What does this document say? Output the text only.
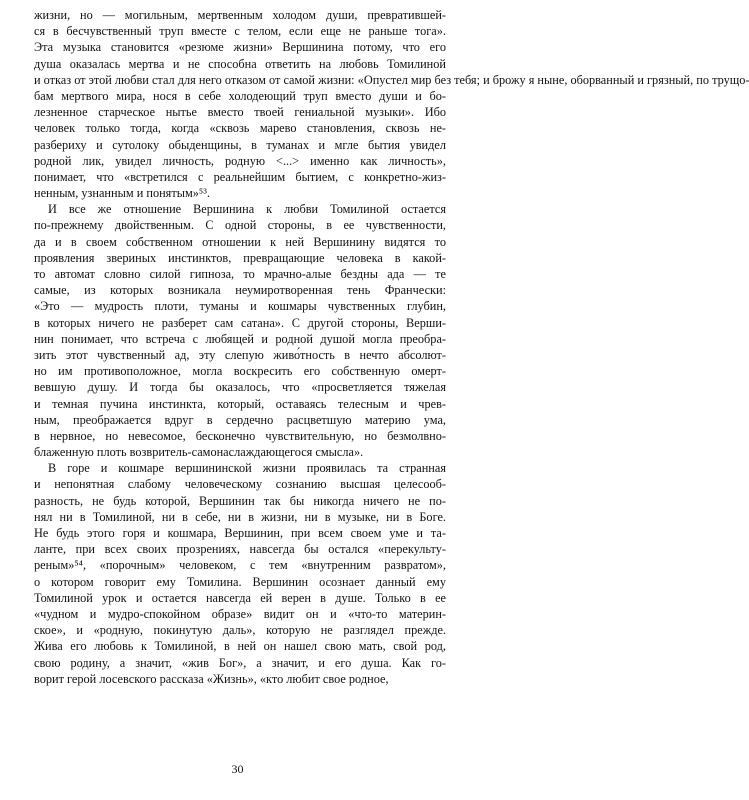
жизни, но — могильным, мертвенным холодом души, превратившей-
ся в бесчувственный труп вместе с телом, если еще не раньше тога».
Эта музыка становится «резюме жизни» Вершинина потому, что его
душа оказалась мертва и не способна ответить на любовь Томилиной
и отказ от этой любви стал для него отказом от самой жизни: «Опустел мир без тебя; и брожу я ныне, оборванный и грязный, по трущо-
бам мертвого мира, нося в себе холодеющий труп вместо души и бо-
лезненное старческое нытье вместо твоей гениальной музыки». Ибо
человек только тогда, когда «сквозь марево становления, сквозь не-
разбериху и сутолоку обыденщины, в туманах и мгле бытия увидел
родной лик, увидел личность, родную <...> именно как личность»,
понимает, что «встретился с реальнейшим бытием, с конкретно-жиз-
ненным, узнанным и понятым»⁵³.
И все же отношение Вершинина к любви Томилиной остается
по-прежнему двойственным. С одной стороны, в ее чувственности,
да и в своем собственном отношении к ней Вершинину видятся то
проявления звериных инстинктов, превращающие человека в какой-
то автомат словно силой гипноза, то мрачно-алые бездны ада — те
самые, из которых возникала неумиротворенная тень Франчески:
«Это — мудрость плоти, туманы и кошмары чувственных глубин,
в которых ничего не разберет сам сатана». С другой стороны, Верши-
нин понимает, что встреча с любящей и родной душой могла преобра-
зить этот чувственный ад, эту слепую живо́тность в нечто абсолют-
но им противоположное, могла воскресить его собственную омерт-
вевшую душу. И тогда бы оказалось, что «просветляется тяжелая
и темная пучина инстинкта, который, оставаясь телесным и чрев-
ным, преображается вдруг в сердечно расцветшую материю ума,
в нервное, но невесомое, бесконечно чувствительную, но безмолвно-
блаженную плоть возвритель-самонаслаждающегося смысла».
В горе и кошмаре вершининской жизни проявилась та странная
и непонятная слабому человеческому сознанию высшая целесооб-
разность, не будь которой, Вершинин так бы никогда ничего не по-
нял ни в Томилиной, ни в себе, ни в жизни, ни в музыке, ни в Боге.
Не будь этого горя и кошмара, Вершинин, при всем своем уме и та-
ланте, при всех своих прозрениях, навсегда бы остался «перекульту-
реным»⁵⁴, «порочным» человеком, с тем «внутренним развратом»,
о котором говорит ему Томилина. Вершинин осознает данный ему
Томилиной урок и остается навсегда ей верен в душе. Только в ее
«чудном и мудро-спокойном образе» видит он и «что-то материн-
ское», и «родную, покинутую даль», которую не разглядел прежде.
Жива его любовь к Томилиной, в ней он нашел свою мать, свой род,
свою родину, а значит, «жив Бог», а значит, и его душа. Как го-
ворит герой лосевского рассказа «Жизнь», «кто любит свое родное,
30
